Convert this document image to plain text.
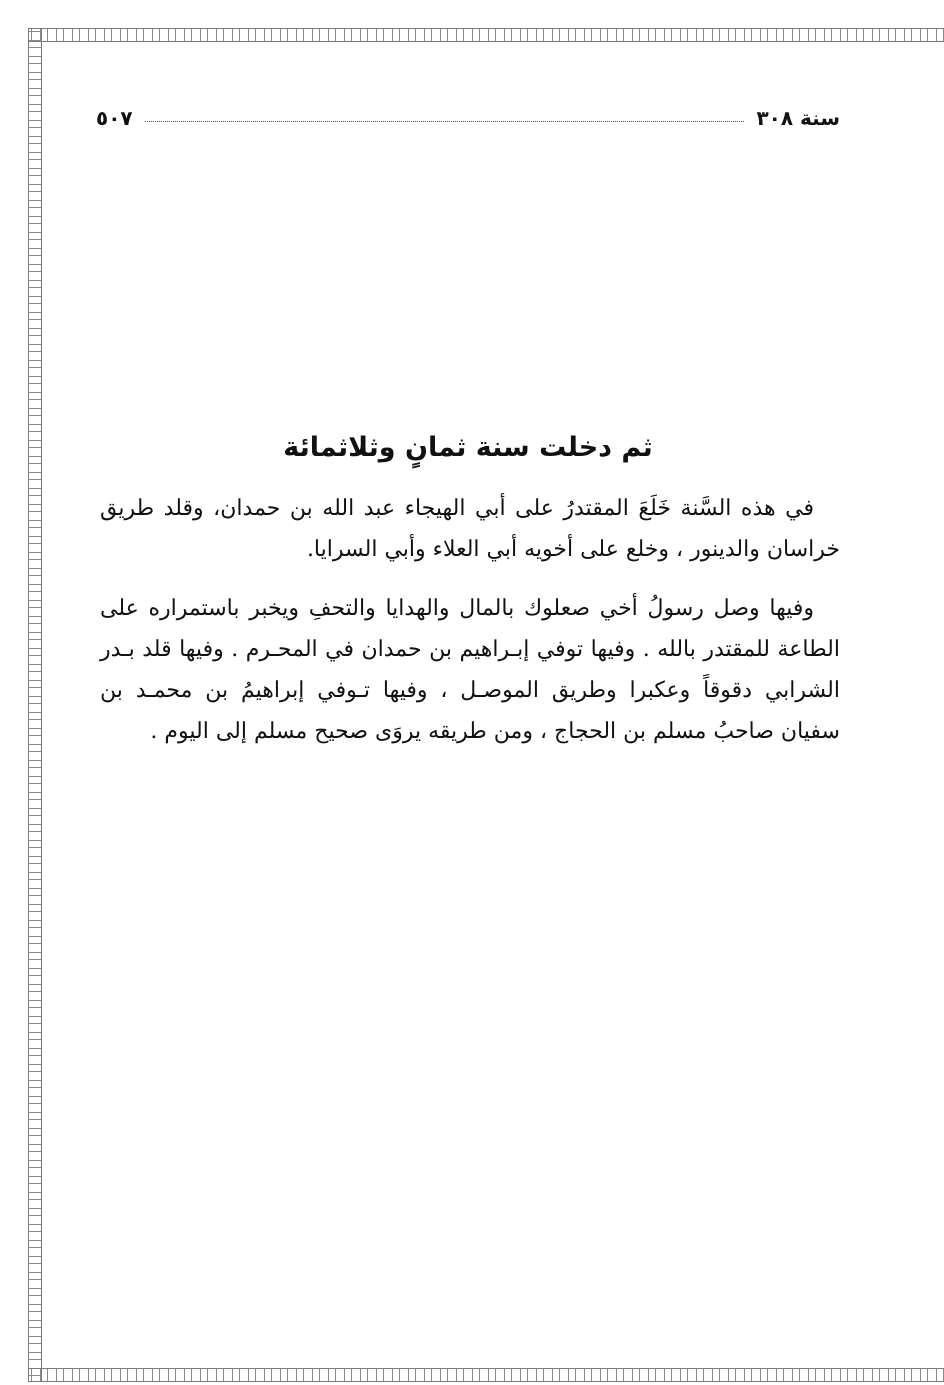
سنة ٣٠٨
٥٠٧
ثم دخلت سنة ثمانٍ وثلاثمائة

في هذه السَّنة خَلَعَ المقتدرُ على أبي الهيجاء عبد الله بن حمدان، وقلد طريق خراسان والدينور ، وخلع على أخويه أبي العلاء وأبي السرايا.

وفيها وصل رسولُ أخي صعلوك بالمال والهدايا والتحفِ ويخبر باستمراره على الطاعة للمقتدر بالله . وفيها توفي إبـراهيم بن حمدان في المحـرم . وفيها قلد بـدر الشرابي دقوقاً وعكبرا وطريق الموصـل ، وفيها تـوفي إبراهيمُ بن محمـد بن سفيان صاحبُ مسلم بن الحجاج ، ومن طريقه يروَى صحيح مسلم إلى اليوم .
